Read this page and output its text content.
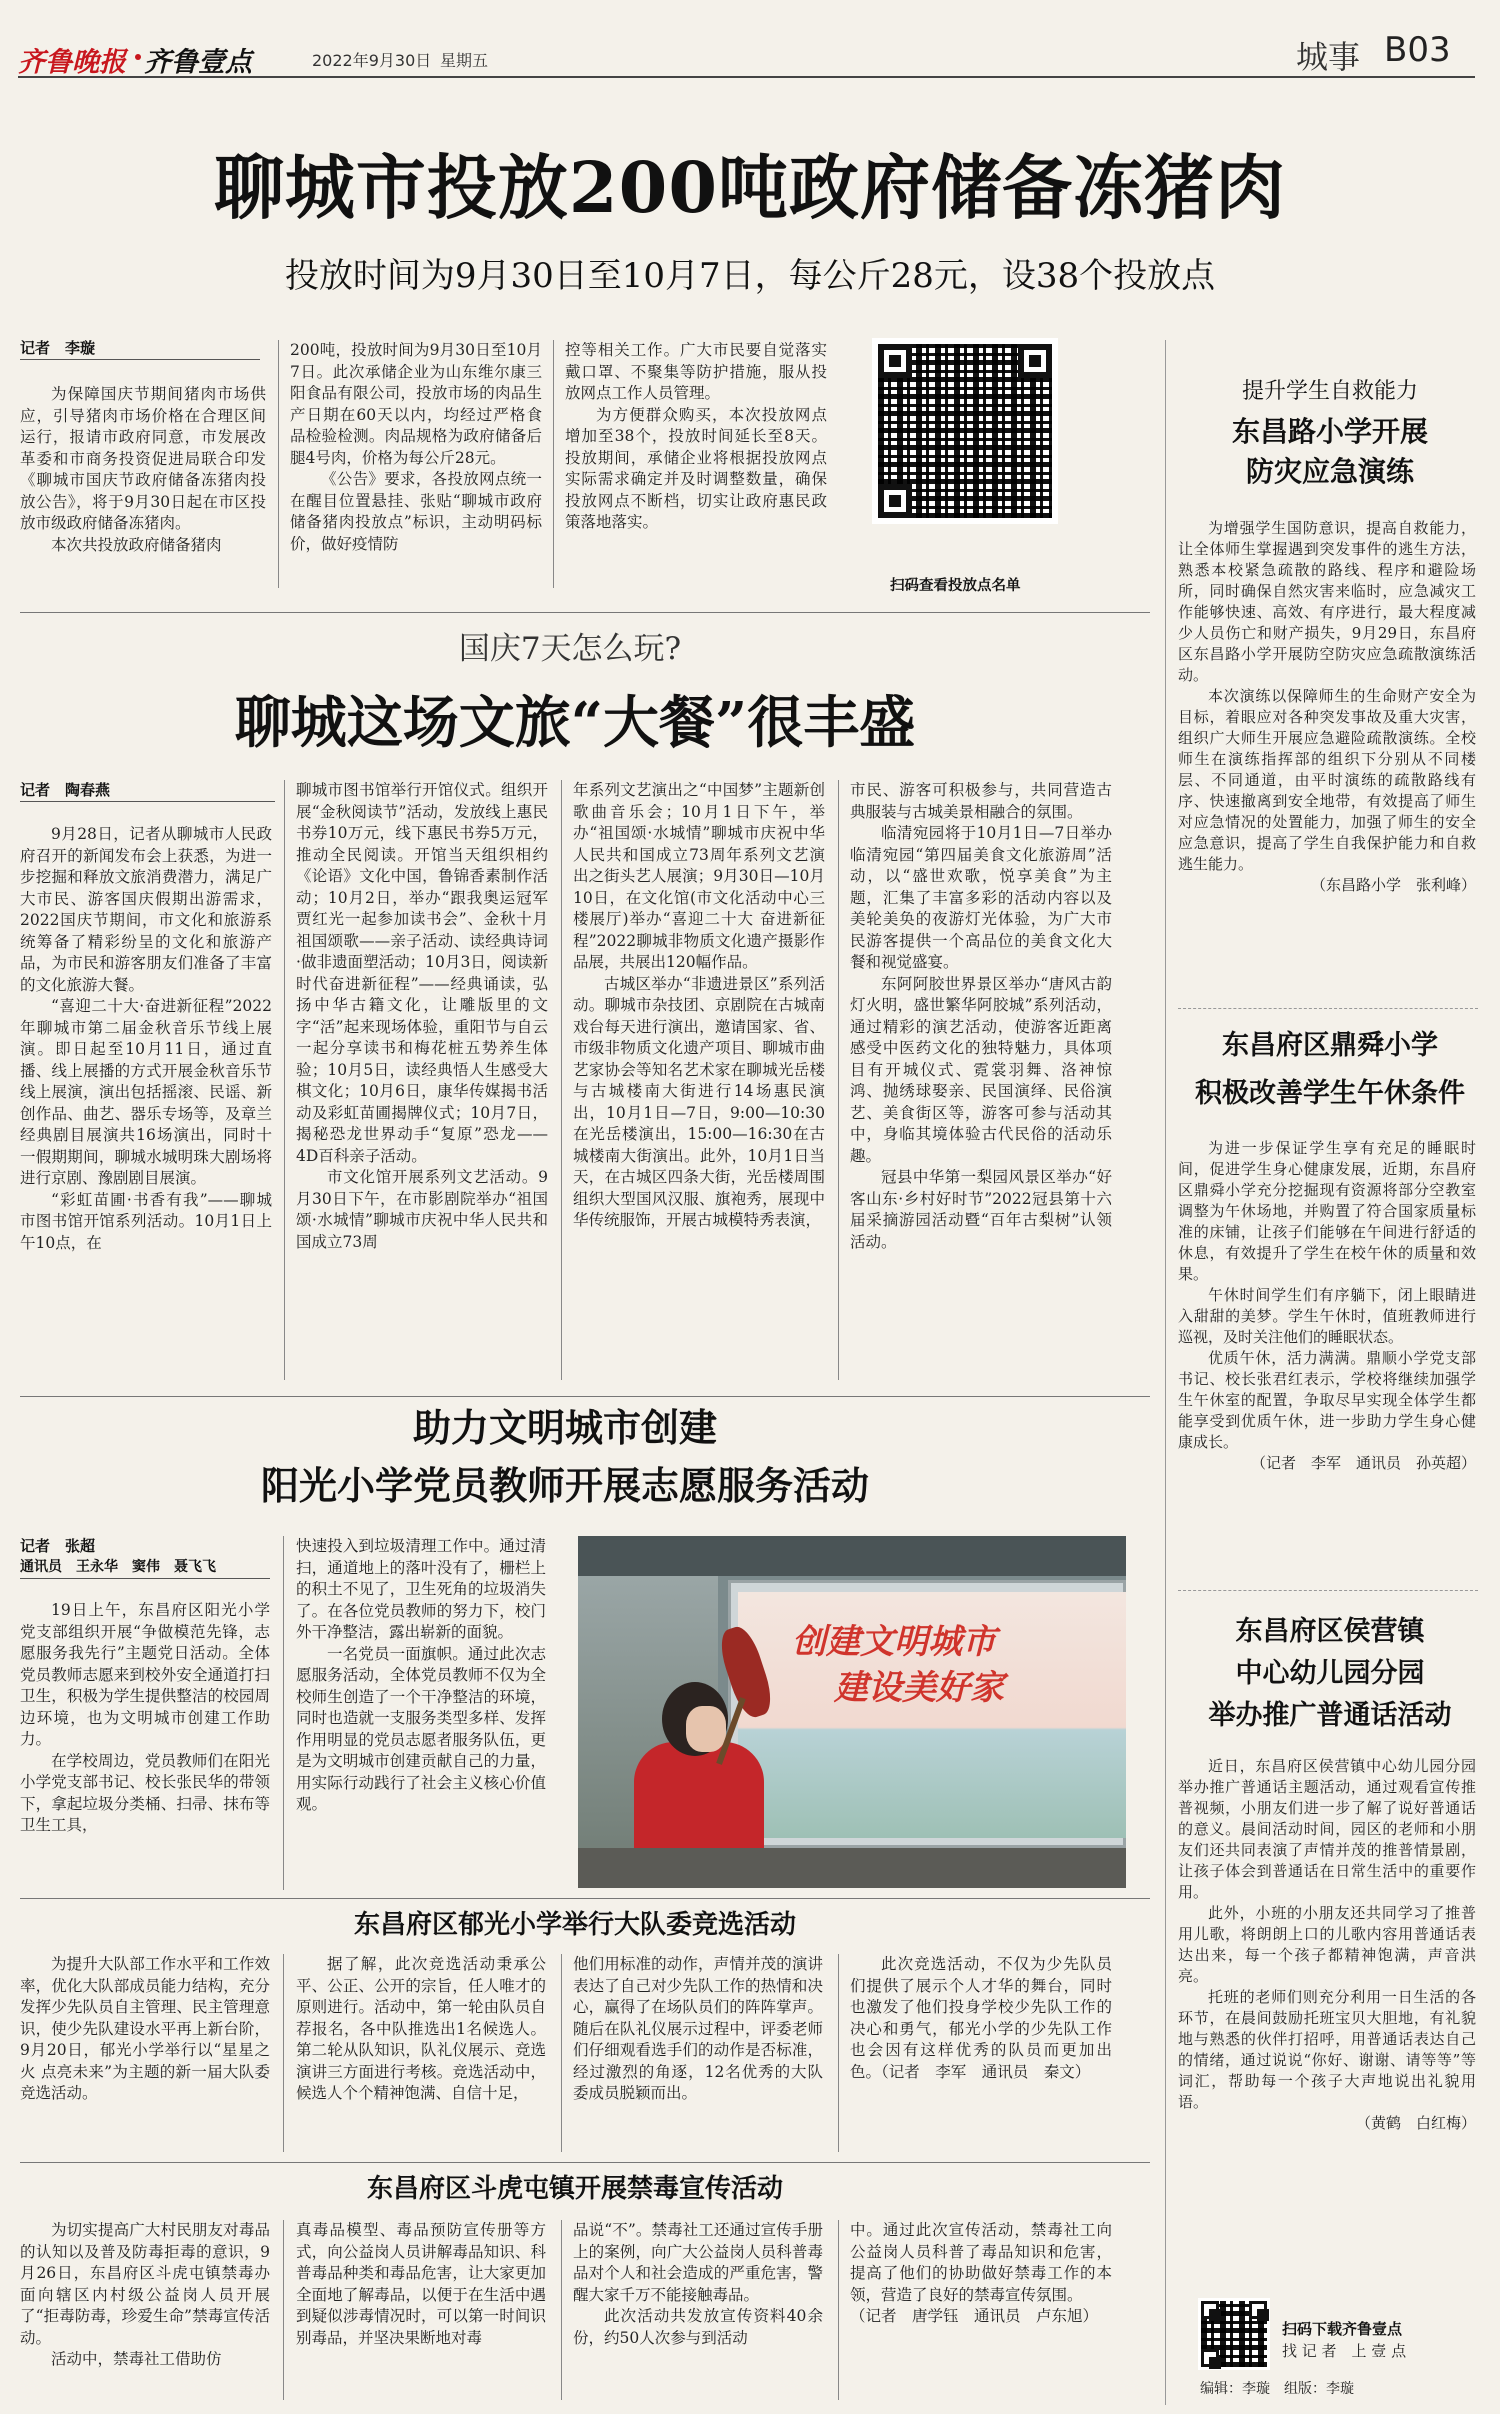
齐鲁晚报 齐鲁壹点	2022年9月30日 星期五	城事 B03
聊城市投放200吨政府储备冻猪肉
投放时间为9月30日至10月7日，每公斤28元，设38个投放点
记者　李璇

为保障国庆节期间猪肉市场供应，引导猪肉市场价格在合理区间运行，报请市政府同意，市发展改革委和市商务投资促进局联合印发《聊城市国庆节政府储备冻猪肉投放公告》，将于9月30日起在市区投放市级政府储备冻猪肉。

本次共投放政府储备猪肉

200吨，投放时间为9月30日至10月7日。此次承储企业为山东维尔康三阳食品有限公司，投放市场的肉品生产日期在60天以内，均经过严格食品检验检测。肉品规格为政府储备后腿4号肉，价格为每公斤28元。

《公告》要求，各投放网点统一在醒目位置悬挂、张贴“聊城市政府储备猪肉投放点”标识，主动明码标价，做好疫情防

控等相关工作。广大市民要自觉落实戴口罩、不聚集等防护措施，服从投放网点工作人员管理。

为方便群众购买，本次投放网点增加至38个，投放时间延长至8天。投放期间，承储企业将根据投放网点实际需求确定并及时调整数量，确保投放网点不断档，切实让政府惠民政策落地落实。

扫码查看投放点名单
国庆7天怎么玩?
聊城这场文旅“大餐”很丰盛
记者　陶春燕

9月28日，记者从聊城市人民政府召开的新闻发布会上获悉，为进一步挖掘和释放文旅消费潜力，满足广大市民、游客国庆假期出游需求，2022国庆节期间，市文化和旅游系统筹备了精彩纷呈的文化和旅游产品，为市民和游客朋友们准备了丰富的文化旅游大餐。

“喜迎二十大·奋进新征程”2022年聊城市第二届金秋音乐节线上展演。即日起至10月11日，通过直播、线上展播的方式开展金秋音乐节线上展演，演出包括摇滚、民谣、新创作品、曲艺、器乐专场等，及章兰经典剧目展演共16场演出，同时十一假期期间，聊城水城明珠大剧场将进行京剧、豫剧剧目展演。

“彩虹苗圃·书香有我”——聊城市图书馆开馆系列活动。10月1日上午10点，在

聊城市图书馆举行开馆仪式。组织开展“金秋阅读节”活动，发放线上惠民书券10万元，线下惠民书券5万元，推动全民阅读。开馆当天组织相约《论语》文化中国，鲁锦香素制作活动；10月2日，举办“跟我奥运冠军贾红光一起参加读书会”、金秋十月祖国颂歌——亲子活动、读经典诗词·做非遗面塑活动；10月3日，阅读新时代奋进新征程”——经典诵读，弘扬中华古籍文化，让雕版里的文字“活”起来现场体验，重阳节与自云一起分享读书和梅花桩五势养生体验；10月5日，读经典悟人生感受大棋文化；10月6日，康华传媒揭书活动及彩虹苗圃揭牌仪式；10月7日，揭秘恐龙世界动手“复原”恐龙——4D百科亲子活动。

市文化馆开展系列文艺活动。9月30日下午，在市影剧院举办“祖国颂·水城情”聊城市庆祝中华人民共和国成立73周

年系列文艺演出之“中国梦”主题新创歌曲音乐会；10月1日下午，举办“祖国颂·水城情”聊城市庆祝中华人民共和国成立73周年系列文艺演出之街头艺人展演；9月30日—10月10日，在文化馆(市文化活动中心三楼展厅)举办“喜迎二十大 奋进新征程”2022聊城非物质文化遗产摄影作品展，共展出120幅作品。

古城区举办“非遗进景区”系列活动。聊城市杂技团、京剧院在古城南戏台每天进行演出，邀请国家、省、市级非物质文化遗产项目、聊城市曲艺家协会等知名艺术家在聊城光岳楼与古城楼南大街进行14场惠民演出，10月1日—7日，9:00—10:30在光岳楼演出，15:00—16:30在古城楼南大街演出。此外，10月1日当天，在古城区四条大街，光岳楼周围组织大型国风汉服、旗袍秀，展现中华传统服饰，开展古城模特秀表演，

市民、游客可积极参与，共同营造古典服装与古城美景相融合的氛围。

临清宛园将于10月1日—7日举办临清宛园“第四届美食文化旅游周”活动，以“盛世欢歌，悦享美食”为主题，汇集了丰富多彩的活动内容以及美轮美奂的夜游灯光体验，为广大市民游客提供一个高品位的美食文化大餐和视觉盛宴。

东阿阿胶世界景区举办“唐风古韵灯火明，盛世繁华阿胶城”系列活动，通过精彩的演艺活动，使游客近距离感受中医药文化的独特魅力，具体项目有开城仪式、霓裳羽舞、洛神惊鸿、抛绣球娶亲、民国演绎、民俗演艺、美食街区等，游客可参与活动其中，身临其境体验古代民俗的活动乐趣。

冠县中华第一梨园风景区举办“好客山东·乡村好时节”2022冠县第十六届采摘游园活动暨“百年古梨树”认领活动。

助力文明城市创建
阳光小学党员教师开展志愿服务活动
记者　张超
通讯员　王永华　窦伟　聂飞飞

19日上午，东昌府区阳光小学党支部组织开展“争做模范先锋，志愿服务我先行”主题党日活动。全体党员教师志愿来到校外安全通道打扫卫生，积极为学生提供整洁的校园周边环境，也为文明城市创建工作助力。

在学校周边，党员教师们在阳光小学党支部书记、校长张民华的带领下，拿起垃圾分类桶、扫帚、抹布等卫生工具，

快速投入到垃圾清理工作中。通过清扫，通道地上的落叶没有了，栅栏上的积土不见了，卫生死角的垃圾消失了。在各位党员教师的努力下，校门外干净整洁，露出崭新的面貌。

一名党员一面旗帜。通过此次志愿服务活动，全体党员教师不仅为全校师生创造了一个干净整洁的环境，同时也造就一支服务类型多样、发挥作用明显的党员志愿者服务队伍，更是为文明城市创建贡献自己的力量，用实际行动践行了社会主义核心价值观。

创建文明城市
建设美好家
东昌府区郁光小学举行大队委竞选活动

为提升大队部工作水平和工作效率，优化大队部成员能力结构，充分发挥少先队员自主管理、民主管理意识，使少先队建设水平再上新台阶，9月20日，郁光小学举行以“星星之火 点亮未来”为主题的新一届大队委竞选活动。

据了解，此次竞选活动秉承公平、公正、公开的宗旨，任人唯才的原则进行。活动中，第一轮由队员自荐报名，各中队推选出1名候选人。第二轮从队知识，队礼仪展示、竞选演讲三方面进行考核。竞选活动中，候选人个个精神饱满、自信十足，

他们用标准的动作，声情并茂的演讲表达了自己对少先队工作的热情和决心，赢得了在场队员们的阵阵掌声。随后在队礼仪展示过程中，评委老师们仔细观看选手们的动作是否标准，经过激烈的角逐，12名优秀的大队委成员脱颖而出。

此次竞选活动，不仅为少先队员们提供了展示个人才华的舞台，同时也激发了他们投身学校少先队工作的决心和勇气，郁光小学的少先队工作也会因有这样优秀的队员而更加出色。（记者　李军　通讯员　秦文）

东昌府区斗虎屯镇开展禁毒宣传活动

为切实提高广大村民朋友对毒品的认知以及普及防毒拒毒的意识，9月26日，东昌府区斗虎屯镇禁毒办面向辖区内村级公益岗人员开展了“拒毒防毒，珍爱生命”禁毒宣传活动。

活动中，禁毒社工借助仿

真毒品模型、毒品预防宣传册等方式，向公益岗人员讲解毒品知识、科普毒品种类和毒品危害，让大家更加全面地了解毒品，以便于在生活中遇到疑似涉毒情况时，可以第一时间识别毒品，并坚决果断地对毒

品说“不”。禁毒社工还通过宣传手册上的案例，向广大公益岗人员科普毒品对个人和社会造成的严重危害，警醒大家千万不能接触毒品。

此次活动共发放宣传资料40余份，约50人次参与到活动

中。通过此次宣传活动，禁毒社工向公益岗人员科普了毒品知识和危害，提高了他们的协助做好禁毒工作的本领，营造了良好的禁毒宣传氛围。

（记者　唐学钰　通讯员　卢东旭）

提升学生自救能力
东昌路小学开展
防灾应急演练

为增强学生国防意识，提高自救能力，让全体师生掌握遇到突发事件的逃生方法，熟悉本校紧急疏散的路线、程序和避险场所，同时确保自然灾害来临时，应急减灾工作能够快速、高效、有序进行，最大程度减少人员伤亡和财产损失，9月29日，东昌府区东昌路小学开展防空防灾应急疏散演练活动。

本次演练以保障师生的生命财产安全为目标，着眼应对各种突发事故及重大灾害，组织广大师生开展应急避险疏散演练。全校师生在演练指挥部的组织下分别从不同楼层、不同通道，由平时演练的疏散路线有序、快速撤离到安全地带，有效提高了师生对应急情况的处置能力，加强了师生的安全应急意识，提高了学生自我保护能力和自救逃生能力。

（东昌路小学　张利峰）

东昌府区鼎舜小学
积极改善学生午休条件

为进一步保证学生享有充足的睡眠时间，促进学生身心健康发展，近期，东昌府区鼎舜小学充分挖掘现有资源将部分空教室调整为午休场地，并购置了符合国家质量标准的床铺，让孩子们能够在午间进行舒适的休息，有效提升了学生在校午休的质量和效果。

午休时间学生们有序躺下，闭上眼睛进入甜甜的美梦。学生午休时，值班教师进行巡视，及时关注他们的睡眠状态。

优质午休，活力满满。鼎顺小学党支部书记、校长张君红表示，学校将继续加强学生午休室的配置，争取尽早实现全体学生都能享受到优质午休，进一步助力学生身心健康成长。

（记者　李军　通讯员　孙英超）

东昌府区侯营镇
中心幼儿园分园
举办推广普通话活动

近日，东昌府区侯营镇中心幼儿园分园举办推广普通话主题活动，通过观看宣传推普视频，小朋友们进一步了解了说好普通话的意义。晨间活动时间，园区的老师和小朋友们还共同表演了声情并茂的推普情景剧，让孩子体会到普通话在日常生活中的重要作用。

此外，小班的小朋友还共同学习了推普用儿歌，将朗朗上口的儿歌内容用普通话表达出来，每一个孩子都精神饱满，声音洪亮。

托班的老师们则充分利用一日生活的各环节，在晨间鼓励托班宝贝大胆地，有礼貌地与熟悉的伙伴打招呼，用普通话表达自己的情绪，通过说说“你好、谢谢、请等等”等词汇，帮助每一个孩子大声地说出礼貌用语。

（黄鹤　白红梅）

扫码下载齐鲁壹点
找 记 者　上 壹 点
编辑：李璇　组版：李璇
